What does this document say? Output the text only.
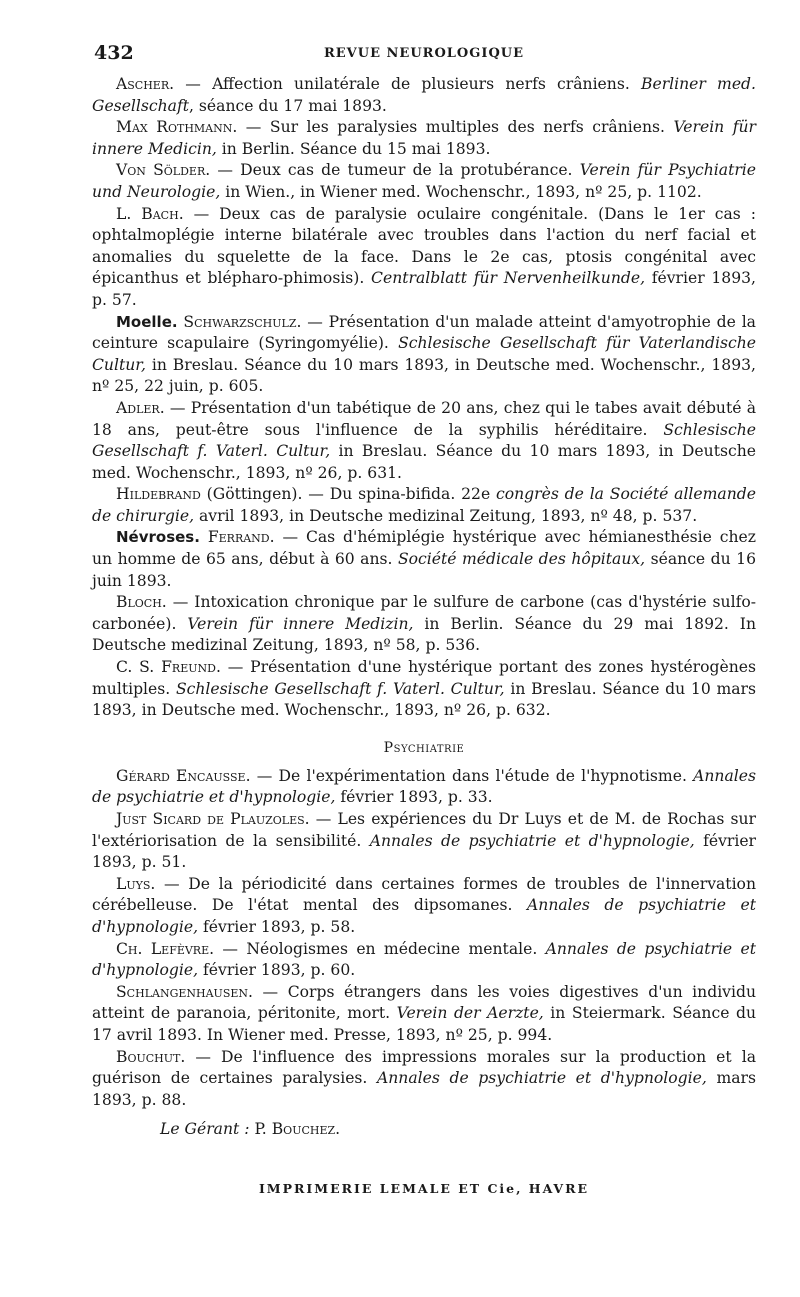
432	REVUE NEUROLOGIQUE

Ascher. — Affection unilatérale de plusieurs nerfs crâniens. Berliner med. Gesellschaft, séance du 17 mai 1893.

Max Rothmann. — Sur les paralysies multiples des nerfs crâniens. Verein für innere Medicin, in Berlin. Séance du 15 mai 1893.

Von Sölder. — Deux cas de tumeur de la protubérance. Verein für Psychiatrie und Neurologie, in Wien., in Wiener med. Wochenschr., 1893, nº 25, p. 1102.

L. Bach. — Deux cas de paralysie oculaire congénitale. (Dans le 1er cas : ophtalmoplégie interne bilatérale avec troubles dans l'action du nerf facial et anomalies du squelette de la face. Dans le 2e cas, ptosis congénital avec épicanthus et blépharo-phimosis). Centralblatt für Nervenheilkunde, février 1893, p. 57.

Moelle. Schwarzschulz. — Présentation d'un malade atteint d'amyotrophie de la ceinture scapulaire (Syringomyélie). Schlesische Gesellschaft für Vaterlandische Cultur, in Breslau. Séance du 10 mars 1893, in Deutsche med. Wochenschr., 1893, nº 25, 22 juin, p. 605.

Adler. — Présentation d'un tabétique de 20 ans, chez qui le tabes avait débuté à 18 ans, peut-être sous l'influence de la syphilis héréditaire. Schlesische Gesellschaft f. Vaterl. Cultur, in Breslau. Séance du 10 mars 1893, in Deutsche med. Wochenschr., 1893, nº 26, p. 631.

Hildebrand (Göttingen). — Du spina-bifida. 22e congrès de la Société allemande de chirurgie, avril 1893, in Deutsche medizinal Zeitung, 1893, nº 48, p. 537.

Névroses. Ferrand. — Cas d'hémiplégie hystérique avec hémianesthésie chez un homme de 65 ans, début à 60 ans. Société médicale des hôpitaux, séance du 16 juin 1893.

Bloch. — Intoxication chronique par le sulfure de carbone (cas d'hystérie sulfo-carbonée). Verein für innere Medizin, in Berlin. Séance du 29 mai 1892. In Deutsche medizinal Zeitung, 1893, nº 58, p. 536.

C. S. Freund. — Présentation d'une hystérique portant des zones hystérogènes multiples. Schlesische Gesellschaft f. Vaterl. Cultur, in Breslau. Séance du 10 mars 1893, in Deutsche med. Wochenschr., 1893, nº 26, p. 632.

Psychiatrie

Gérard Encausse. — De l'expérimentation dans l'étude de l'hypnotisme. Annales de psychiatrie et d'hypnologie, février 1893, p. 33.

Just Sicard de Plauzoles. — Les expériences du Dr Luys et de M. de Rochas sur l'extériorisation de la sensibilité. Annales de psychiatrie et d'hypnologie, février 1893, p. 51.

Luys. — De la périodicité dans certaines formes de troubles de l'innervation cérébelleuse. De l'état mental des dipsomanes. Annales de psychiatrie et d'hypnologie, février 1893, p. 58.

Ch. Lefèvre. — Néologismes en médecine mentale. Annales de psychiatrie et d'hypnologie, février 1893, p. 60.

Schlangenhausen. — Corps étrangers dans les voies digestives d'un individu atteint de paranoia, péritonite, mort. Verein der Aerzte, in Steiermark. Séance du 17 avril 1893. In Wiener med. Presse, 1893, nº 25, p. 994.

Bouchut. — De l'influence des impressions morales sur la production et la guérison de certaines paralysies. Annales de psychiatrie et d'hypnologie, mars 1893, p. 88.

Le Gérant : P. Bouchez.
IMPRIMERIE LEMALE ET Cie, HAVRE
